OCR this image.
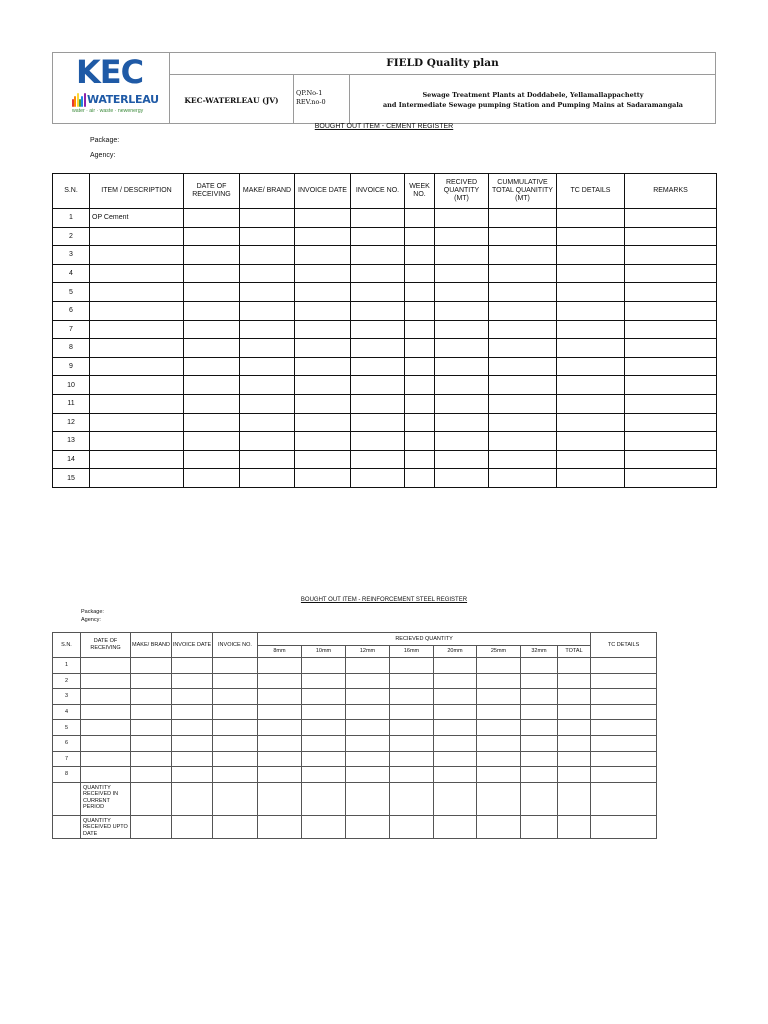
KEC
WATERLEAU
water · air · waste · newenergy
FIELD Quality plan
KEC-WATERLEAU (JV)
QP.No-1
REV.no-0
Sewage Treatment Plants at Doddabele, Yellamallappachetty
and Intermediate Sewage pumping Station and Pumping Mains at Sadaramangala
BOUGHT OUT ITEM - CEMENT REGISTER
Package:
Agency:
S.N.	ITEM / DESCRIPTION	DATE OF RECEIVING	MAKE/ BRAND	INVOICE DATE	INVOICE NO.	WEEK NO.	RECIVED QUANTITY (MT)	CUMMULATIVE TOTAL QUANITITY (MT)	TC DETAILS	REMARKS
1	OP Cement									
2										
3										
4										
5										
6										
7										
8										
9										
10										
11										
12										
13										
14										
15										
BOUGHT OUT ITEM - REINFORCEMENT STEEL REGISTER
Package:
Agency:
S.N.	DATE OF RECEIVING	MAKE/ BRAND	INVOICE DATE	INVOICE NO.	RECIEVED QUANTITY								TC DETAILS
					8mm	10mm	12mm	16mm	20mm	25mm	32mm	TOTAL	
1													
2													
3													
4													
5													
6													
7													
8													
	QUANTITY RECEIVED IN CURRENT PERIOD												
	QUANTITY RECEIVED UPTO DATE												
